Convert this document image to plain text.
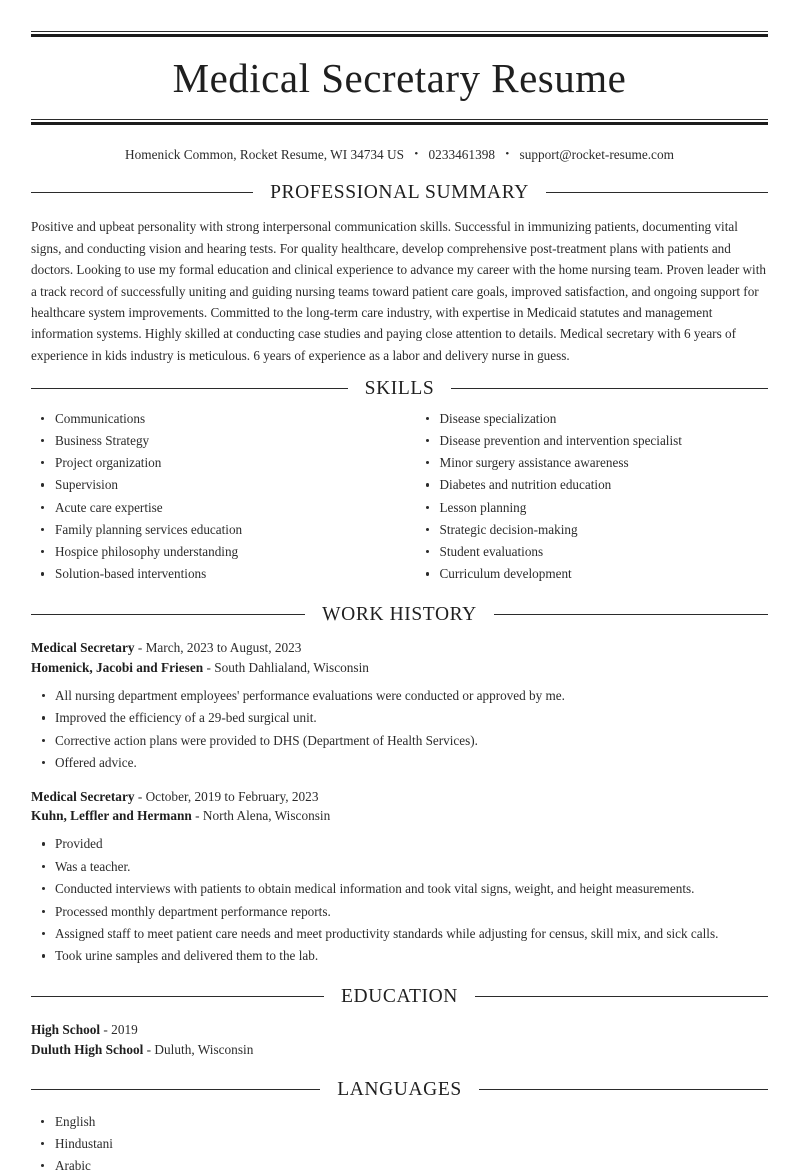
Medical Secretary Resume
Homenick Common, Rocket Resume, WI 34734 US • 0233461398 • support@rocket-resume.com
PROFESSIONAL SUMMARY

Positive and upbeat personality with strong interpersonal communication skills. Successful in immunizing patients, documenting vital signs, and conducting vision and hearing tests. For quality healthcare, develop comprehensive post-treatment plans with patients and doctors. Looking to use my formal education and clinical experience to advance my career with the home nursing team. Proven leader with a track record of successfully uniting and guiding nursing teams toward patient care goals, improved satisfaction, and ongoing support for healthcare system improvements. Committed to the long-term care industry, with expertise in Medicaid statutes and management information systems. Highly skilled at conducting case studies and paying close attention to details. Medical secretary with 6 years of experience in kids industry is meticulous. 6 years of experience as a labor and delivery nurse in guess.

SKILLS
Communications
Business Strategy
Project organization
Supervision
Acute care expertise
Family planning services education
Hospice philosophy understanding
Solution-based interventions
Disease specialization
Disease prevention and intervention specialist
Minor surgery assistance awareness
Diabetes and nutrition education
Lesson planning
Strategic decision-making
Student evaluations
Curriculum development
WORK HISTORY
Medical Secretary - March, 2023 to August, 2023
Homenick, Jacobi and Friesen - South Dahlialand, Wisconsin
All nursing department employees' performance evaluations were conducted or approved by me.
Improved the efficiency of a 29-bed surgical unit.
Corrective action plans were provided to DHS (Department of Health Services).
Offered advice.
Medical Secretary - October, 2019 to February, 2023
Kuhn, Leffler and Hermann - North Alena, Wisconsin
Provided
Was a teacher.
Conducted interviews with patients to obtain medical information and took vital signs, weight, and height measurements.
Processed monthly department performance reports.
Assigned staff to meet patient care needs and meet productivity standards while adjusting for census, skill mix, and sick calls.
Took urine samples and delivered them to the lab.
EDUCATION
High School - 2019
Duluth High School - Duluth, Wisconsin
LANGUAGES
English
Hindustani
Arabic
